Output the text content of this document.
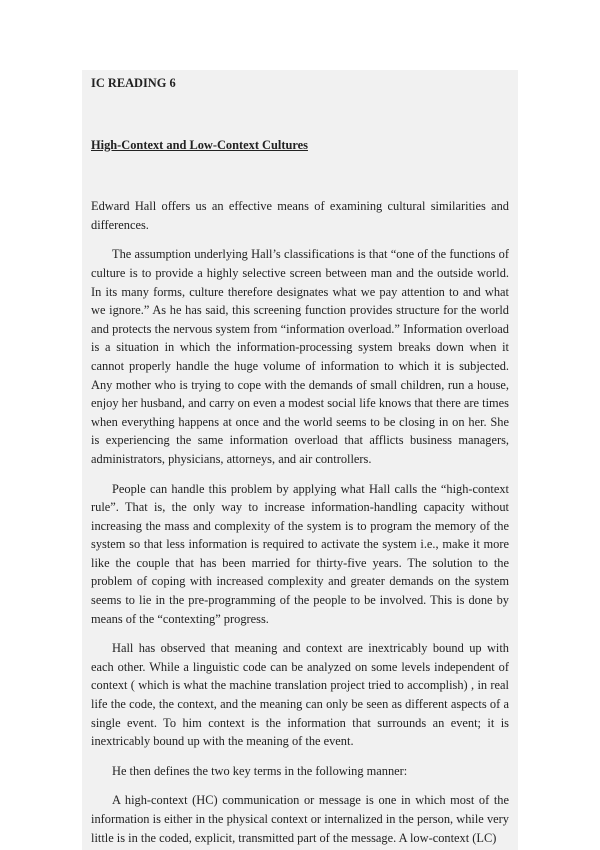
IC READING 6

High-Context and Low-Context Cultures

Edward Hall offers us an effective means of examining cultural similarities and differences.

The assumption underlying Hall’s classifications is that “one of the functions of culture is to provide a highly selective screen between man and the outside world. In its many forms, culture therefore designates what we pay attention to and what we ignore.” As he has said, this screening function provides structure for the world and protects the nervous system from “information overload.” Information overload is a situation in which the information-processing system breaks down when it cannot properly handle the huge volume of information to which it is subjected. Any mother who is trying to cope with the demands of small children, run a house, enjoy her husband, and carry on even a modest social life knows that there are times when everything happens at once and the world seems to be closing in on her. She is experiencing the same information overload that afflicts business managers, administrators, physicians, attorneys, and air controllers.

People can handle this problem by applying what Hall calls the “high-context rule”. That is, the only way to increase information-handling capacity without increasing the mass and complexity of the system is to program the memory of the system so that less information is required to activate the system i.e., make it more like the couple that has been married for thirty-five years. The solution to the problem of coping with increased complexity and greater demands on the system seems to lie in the pre-programming of the people to be involved. This is done by means of the “contexting” progress.

Hall has observed that meaning and context are inextricably bound up with each other. While a linguistic code can be analyzed on some levels independent of context ( which is what the machine translation project tried to accomplish) , in real life the code, the context, and the meaning can only be seen as different aspects of a single event. To him context is the information that surrounds an event; it is inextricably bound up with the meaning of the event.

He then defines the two key terms in the following manner:

A high-context (HC) communication or message is one in which most of the information is either in the physical context or internalized in the person, while very little is in the coded, explicit, transmitted part of the message. A low-context (LC)
